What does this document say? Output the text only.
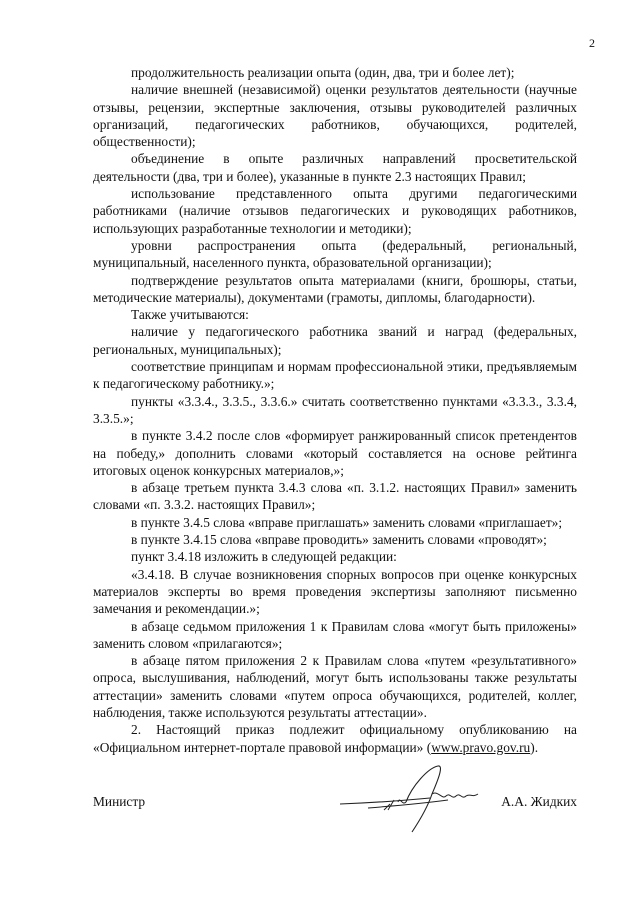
2

продолжительность реализации опыта (один, два, три и более лет);

наличие внешней (независимой) оценки результатов деятельности (научные отзывы, рецензии, экспертные заключения, отзывы руководителей различных организаций, педагогических работников, обучающихся, родителей, общественности);

объединение в опыте различных направлений просветительской деятельности (два, три и более), указанные в пункте 2.3 настоящих Правил;

использование представленного опыта другими педагогическими работниками (наличие отзывов педагогических и руководящих работников, использующих разработанные технологии и методики);

уровни распространения опыта (федеральный, региональный, муниципальный, населенного пункта, образовательной организации);

подтверждение результатов опыта материалами (книги, брошюры, статьи, методические материалы), документами (грамоты, дипломы, благодарности).

Также учитываются:

наличие у педагогического работника званий и наград (федеральных, региональных, муниципальных);

соответствие принципам и нормам профессиональной этики, предъявляемым к педагогическому работнику.»;

пункты «3.3.4., 3.3.5., 3.3.6.» считать соответственно пунктами «3.3.3., 3.3.4, 3.3.5.»;

в пункте 3.4.2 после слов «формирует ранжированный список претендентов на победу,» дополнить словами «который составляется на основе рейтинга итоговых оценок конкурсных материалов,»;

в абзаце третьем пункта 3.4.3 слова «п. 3.1.2. настоящих Правил» заменить словами «п. 3.3.2. настоящих Правил»;

в пункте 3.4.5 слова «вправе приглашать» заменить словами «приглашает»;

в пункте 3.4.15 слова «вправе проводить» заменить словами «проводят»;

пункт 3.4.18 изложить в следующей редакции:

«3.4.18. В случае возникновения спорных вопросов при оценке конкурсных материалов эксперты во время проведения экспертизы заполняют письменно замечания и рекомендации.»;

в абзаце седьмом приложения 1 к Правилам слова «могут быть приложены» заменить словом «прилагаются»;

в абзаце пятом приложения 2 к Правилам слова «путем «результативного» опроса, выслушивания, наблюдений, могут быть использованы также результаты аттестации» заменить словами «путем опроса обучающихся, родителей, коллег, наблюдения, также используются результаты аттестации».

2. Настоящий приказ подлежит официальному опубликованию на «Официальном интернет-портале правовой информации» (www.pravo.gov.ru).

Министр	А.А. Жидких
